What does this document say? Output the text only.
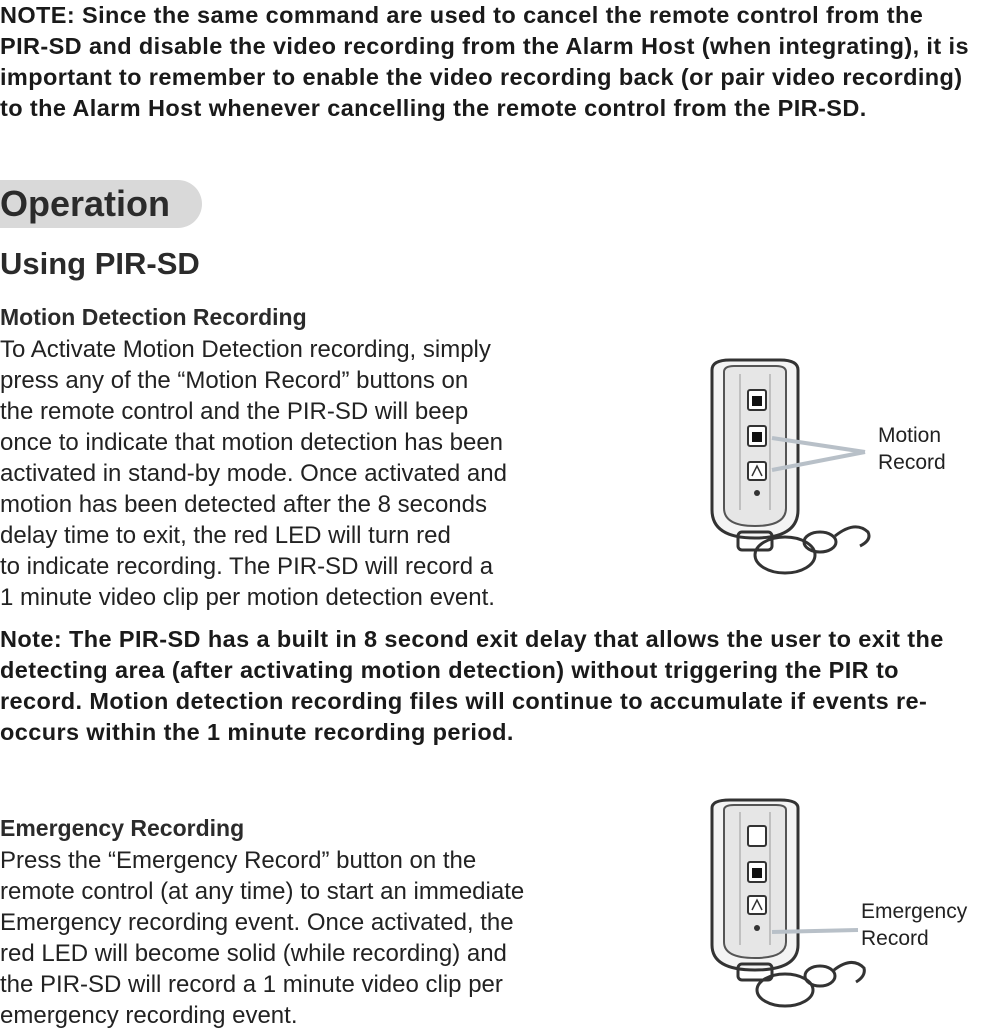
NOTE: Since the same command are used to cancel the remote control from the PIR-SD and disable the video recording from the Alarm Host (when integrating), it is important to remember to enable the video recording back (or pair video recording) to the Alarm Host whenever cancelling the remote control from the PIR-SD.
Operation
Using PIR-SD
Motion Detection Recording
To Activate Motion Detection recording, simply
press any of the “Motion Record” buttons on
the remote control and the PIR-SD will beep
once to indicate that motion detection has been
activated in stand-by mode. Once activated and
motion has been detected after the 8 seconds
delay time to exit, the red LED will turn red
to indicate recording. The PIR-SD will record a
1 minute video clip per motion detection event.
Motion
Record
Note: The PIR-SD has a built in 8 second exit delay that allows the user to exit the detecting area (after activating motion detection) without triggering the PIR to record. Motion detection recording files will continue to accumulate if events re-occurs within the 1 minute recording period.
Emergency Recording
Press the “Emergency Record” button on the
remote control (at any time) to start an immediate
Emergency recording event. Once activated, the
red LED will become solid (while recording) and
the PIR-SD will record a 1 minute video clip per
emergency recording event.
Emergency
Record
